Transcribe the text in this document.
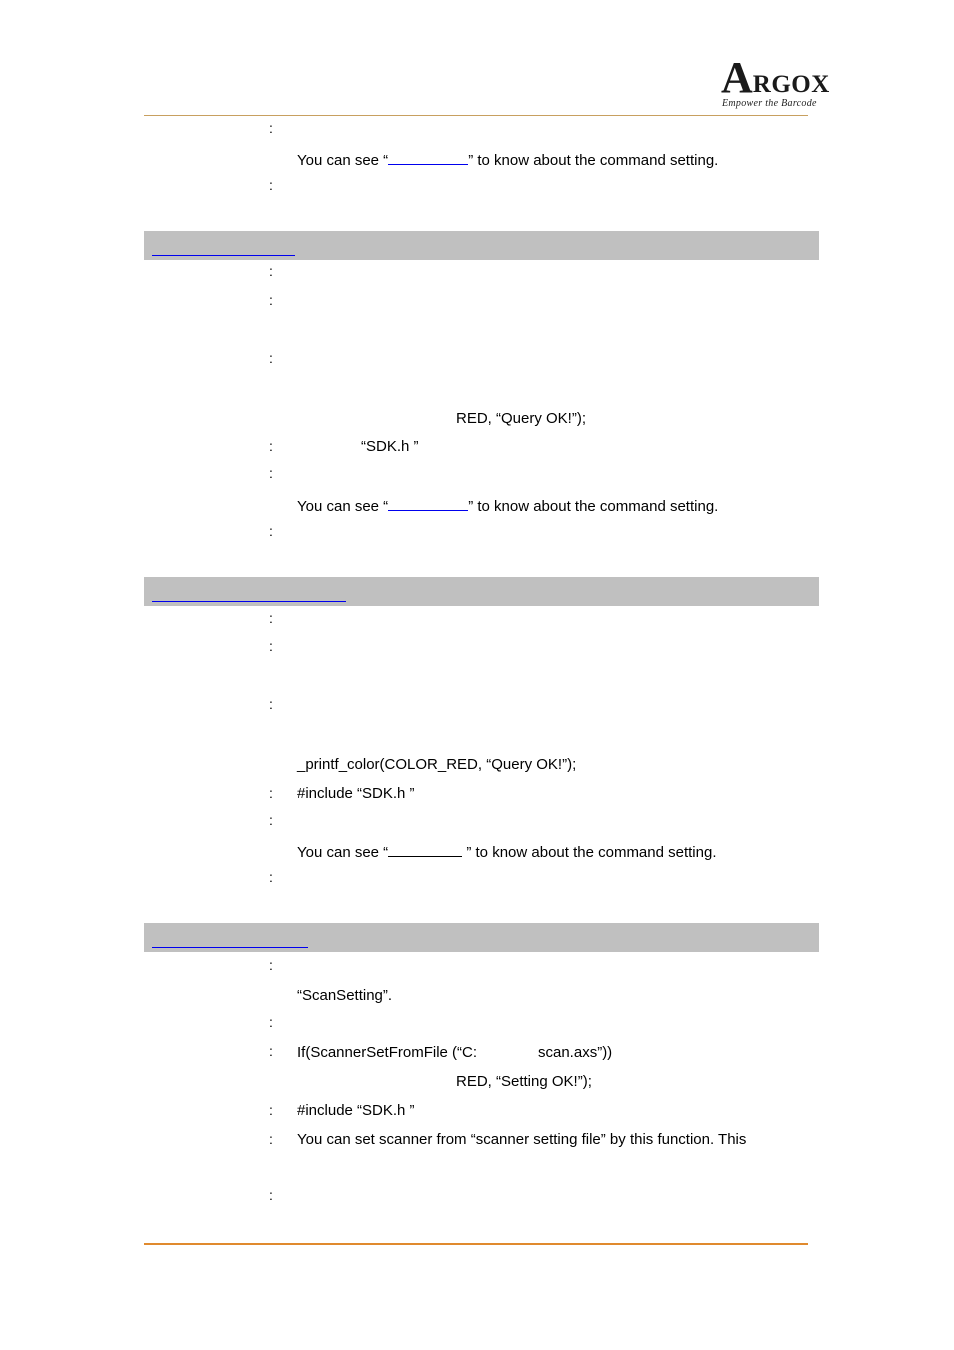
ARGOX
Empower the Barcode
:
You can see “	” to know about the command setting.
:
:
:
:
RED, “Query OK!”);
:	“SDK.h ”
:
You can see “	” to know about the command setting.
:
:
:
:
_printf_color(COLOR_RED, “Query OK!”);
: #include “SDK.h ”
:
You can see “	” to know about the command setting.
:
:
“ScanSetting”.
:
: If(ScannerSetFromFile (“C:	scan.axs”))
RED, “Setting OK!”);
: #include “SDK.h ”
: You can set scanner from “scanner setting file” by this function. This
:
